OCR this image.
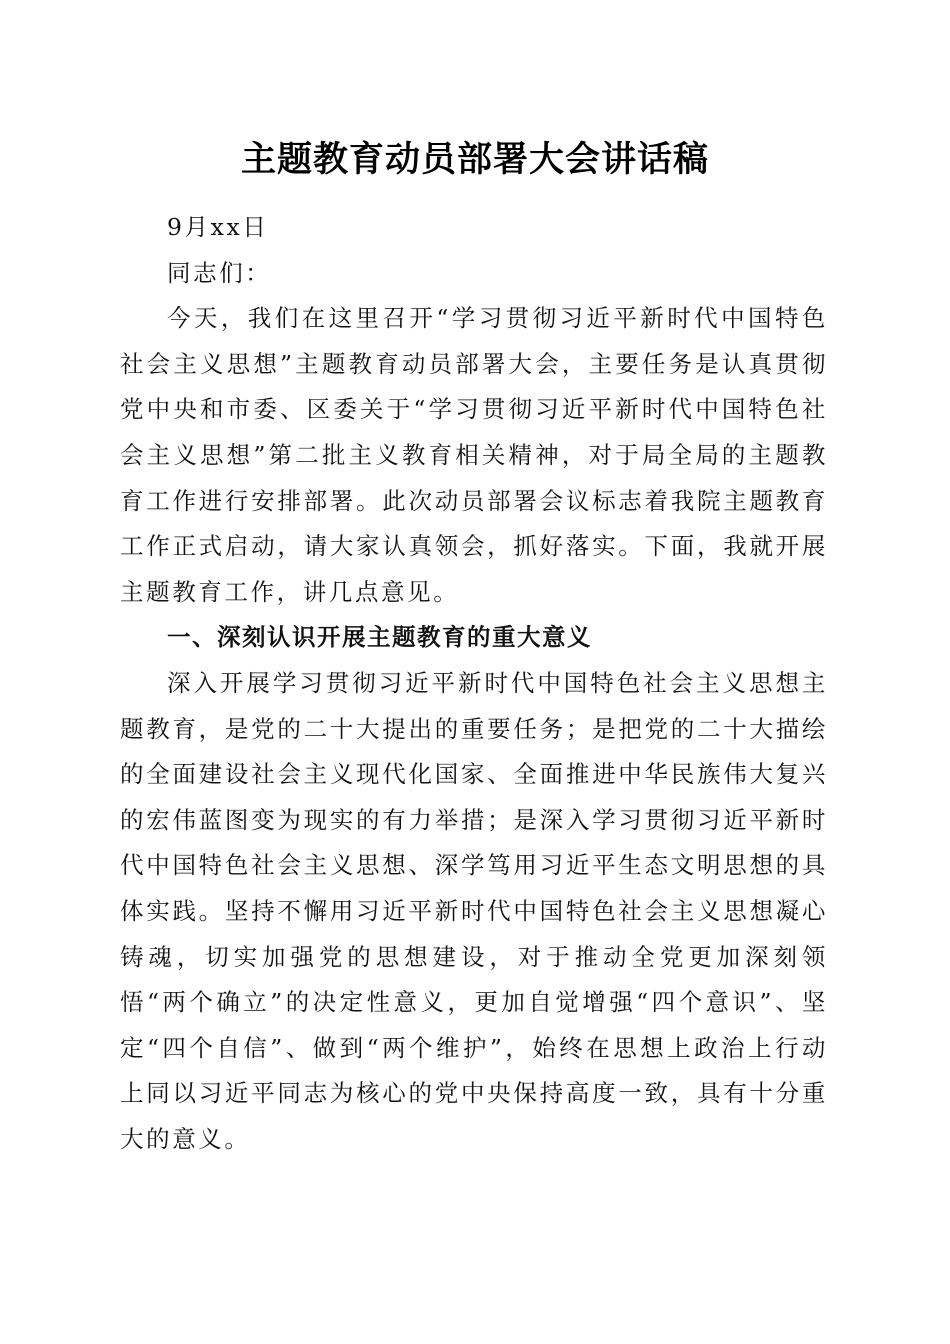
主题教育动员部署大会讲话稿

9月xx日

同志们：

今天，我们在这里召开“学习贯彻习近平新时代中国特色社会主义思想”主题教育动员部署大会，主要任务是认真贯彻党中央和市委、区委关于“学习贯彻习近平新时代中国特色社会主义思想”第二批主义教育相关精神，对于局全局的主题教育工作进行安排部署。此次动员部署会议标志着我院主题教育工作正式启动，请大家认真领会，抓好落实。下面，我就开展主题教育工作，讲几点意见。

一、深刻认识开展主题教育的重大意义

深入开展学习贯彻习近平新时代中国特色社会主义思想主题教育，是党的二十大提出的重要任务；是把党的二十大描绘的全面建设社会主义现代化国家、全面推进中华民族伟大复兴的宏伟蓝图变为现实的有力举措；是深入学习贯彻习近平新时代中国特色社会主义思想、深学笃用习近平生态文明思想的具体实践。坚持不懈用习近平新时代中国特色社会主义思想凝心铸魂，切实加强党的思想建设，对于推动全党更加深刻领悟“两个确立”的决定性意义，更加自觉增强“四个意识”、坚定“四个自信”、做到“两个维护”，始终在思想上政治上行动上同以习近平同志为核心的党中央保持高度一致，具有十分重大的意义。
